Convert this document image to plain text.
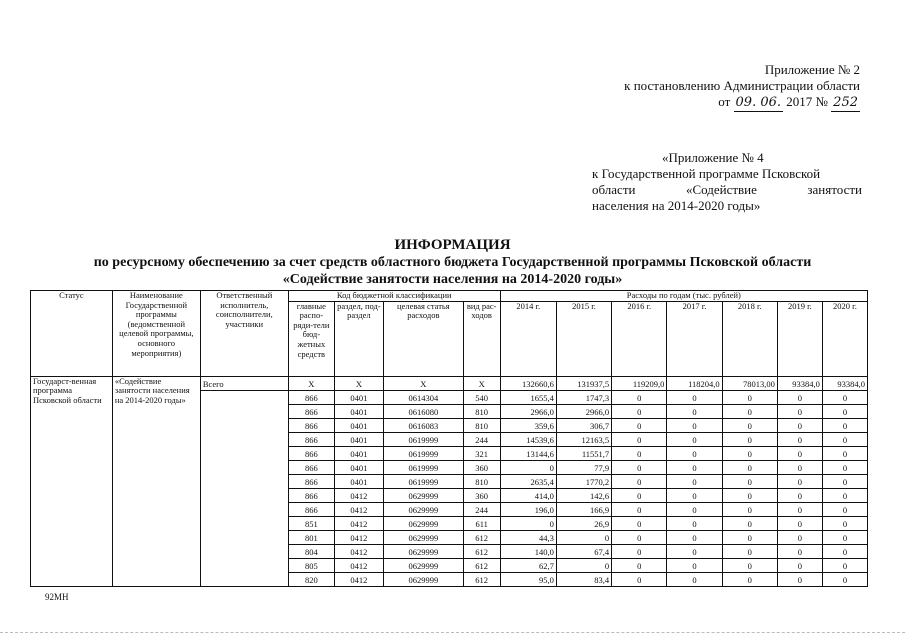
Приложение № 2
к постановлению Администрации области
от 09. 06. 2017 № 252
«Приложение № 4
к Государственной программе Псковской
области	«Содействие	занятости
населения на 2014-2020 годы»
ИНФОРМАЦИЯ
по ресурсному обеспечению за счет средств областного бюджета Государственной программы Псковской области
«Содействие занятости населения на 2014-2020 годы»
Статус	Наименование Государственной программы (ведомственной целевой программы, основного мероприятия)	Ответственный исполнитель, соисполнители, участники	Код бюджетной классификации				Расходы по годам (тыс. рублей)						
			главные распо-ряди-тели бюд-жетных средств	раздел, под-раздел	целевая статья расходов	вид рас-ходов	2014 г.	2015 г.	2016 г.	2017 г.	2018 г.	2019 г.	2020 г.
Государст-венная программа Псковской области	«Содействие занятости населения на 2014-2020 годы»	Всего	X	X	X	X	132660,6	131937,5	119209,0	118204,0	78013,00	93384,0	93384,0
			866	0401	0614304	540	1655,4	1747,3	0	0	0	0	0
			866	0401	0616080	810	2966,0	2966,0	0	0	0	0	0
			866	0401	0616083	810	359,6	306,7	0	0	0	0	0
			866	0401	0619999	244	14539,6	12163,5	0	0	0	0	0
			866	0401	0619999	321	13144,6	11551,7	0	0	0	0	0
			866	0401	0619999	360	0	77,9	0	0	0	0	0
			866	0401	0619999	810	2635,4	1770,2	0	0	0	0	0
			866	0412	0629999	360	414,0	142,6	0	0	0	0	0
			866	0412	0629999	244	196,0	166,9	0	0	0	0	0
			851	0412	0629999	611	0	26,9	0	0	0	0	0
			801	0412	0629999	612	44,3	0	0	0	0	0	0
			804	0412	0629999	612	140,0	67,4	0	0	0	0	0
			805	0412	0629999	612	62,7	0	0	0	0	0	0
			820	0412	0629999	612	95,0	83,4	0	0	0	0	0
92МН
